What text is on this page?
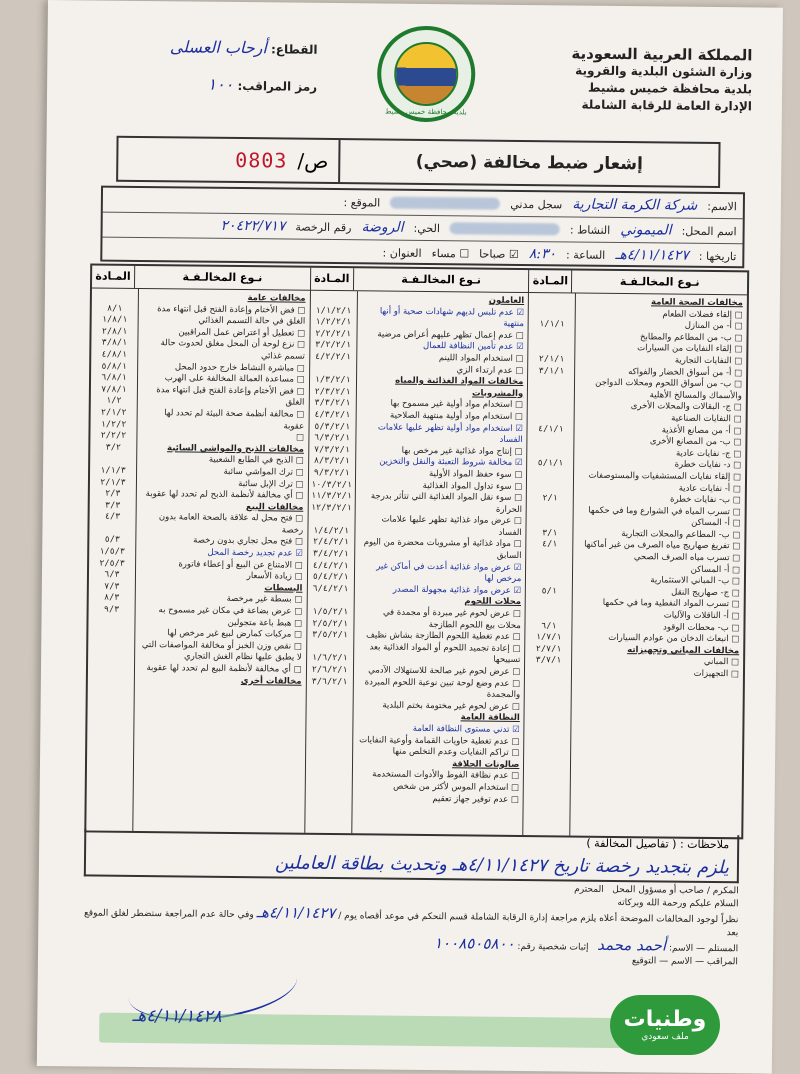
المملكة العربية السعودية
وزارة الشئون البلدية والقروية
بلدية محافظة خميس مشيط
الإدارة العامة للرقابة الشاملة
بلدية محافظة خميس مشيط
القطاع: أرحاب العسلى
رمز المراقب: ١٠٠
إشعار ضبط مخالفة (صحي)
ص/
0803
الاسم:
شركة الكرمة التجارية
سجل مدني
الموقع :
اسم المحل:
الميموني
النشاط :
الحي:
الروضة
رقم الرخصة
٢٠٤٢٢/٧١٧
تاريخها :
٤/١١/١٤٢٧هـ
الساعة :
٨:٣٠
☑ صباحا
☐ مساء
العنوان :
نـوع المخالـفـة
المـادة
مخالفات الصحة العامة
□ إلقاء فضلات الطعام
□ أ- من المنازل
□ ب- من المطاعم والمطابخ
□ إلقاء النفايات من السيارات
□ النفايات التجارية
□ أ- من أسواق الخضار والفواكه
□ ب- من أسواق اللحوم ومحلات الدواجن والأسماك والمسالخ الأهلية
□ ج- البقالات والمحلات الأخرى
□ النفايات الصناعية
□ أ- من مصانع الأغذية
□ ب- من المصانع الأخرى
□ ج- نفايات عادية
□ د- نفايات خطرة
□ إلقاء نفايات المستشفيات والمستوصفات
□ أ- نفايات عادية
□ ب- نفايات خطرة
□ تسرب المياه في الشوارع وما في حكمها
□ أ- المساكن
□ ب- المطاعم والمحلات التجارية
□ تفريغ صهاريج مياه الصرف من غير أماكنها
□ تسرب مياه الصرف الصحي
□ أ- المساكن
□ ب- المباني الاستثمارية
□ ج- صهاريج النقل
□ تسرب المواد النفطية وما في حكمها
□ أ- الناقلات والآليات
□ ب- محطات الوقود
□ انبعاث الدخان من عوادم السيارات
مخالفات المباني وتجهيزاته
□ المباني
□ التجهيزات

١/١/١

٢/١/١
٣/١/١

٤/١/١

٥/١/١

٢/١

٣/١
٤/١

٥/١

٦/١
١/٧/١
٢/٧/١
٣/٧/١
نـوع المخالـفـة
المـادة
العاملون
☑ عدم تلبس لديهم شهادات صحية أو أنها منتهية
□ عدم إعمال تظهر عليهم أعراض مرضية
☑ عدم تأمين النظافة للعمال
□ استخدام المواد اللينم
□ عدم ارتداء الزي
مخالفات المواد الغذائية والمياه والمشروبات
□ استخدام مواد أولية غير مسموح بها
□ استخدام مواد أولية منتهية الصلاحية
☑ استخدام مواد أولية تظهر عليها علامات الفساد
□ إنتاج مواد غذائية غير مرخص بها
☑ مخالفة شروط التعبئة والنقل والتخزين
□ سوء حفظ المواد الأولية
□ سوء تداول المواد الغذائية
□ سوء نقل المواد الغذائية التي تتأثر بدرجة الحرارة
□ عرض مواد غذائية تظهر عليها علامات الفساد
□ مواد غذائية أو مشروبات محضرة من اليوم السابق
☑ عرض مواد غذائية أعدت في أماكن غير مرخص لها
☑ عرض مواد غذائية مجهولة المصدر
محلات اللحوم
□ عرض لحوم غير مبردة أو مجمدة في محلات بيع اللحوم الطازجة
□ عدم تغطية اللحوم الطازجة بشاش نظيف
□ إعادة تجميد اللحوم أو المواد الغذائية بعد تسييحها
□ عرض لحوم غير صالحة للاستهلاك الآدمي
□ عدم وضع لوحة تبين نوعية اللحوم المبردة والمجمدة
□ عرض لحوم غير مختومة بختم البلدية
النظافة العامة
☑ تدني مستوى النظافة العامة
□ عدم تغطية حاويات القمامة وأوعية النفايات
□ تراكم النفايات وعدم التخلص منها
صالونات الحلاقة
□ عدم نظافة الفوط والأدوات المستخدمة
□ استخدام الموس لأكثر من شخص
□ عدم توفير جهاز تعقيم

١/١/٢/١
١/٢/٢/١
٢/٢/٢/١
٣/٢/٢/١
٤/٢/٢/١

١/٣/٢/١
٢/٣/٢/١
٣/٣/٢/١
٤/٣/٢/١
٥/٣/٢/١
٦/٣/٢/١
٧/٣/٢/١
٨/٣/٢/١
٩/٣/٢/١
١٠/٣/٢/١
١١/٣/٢/١
١٢/٣/٢/١

١/٤/٢/١
٢/٤/٢/١
٣/٤/٢/١
٤/٤/٢/١
٥/٤/٢/١
٦/٤/٢/١

١/٥/٢/١
٢/٥/٢/١
٣/٥/٢/١

١/٦/٢/١
٢/٦/٢/١
٣/٦/٢/١
نـوع المخالـفـة
المـادة
مخالفات عامة
□ فض الأختام وإعادة الفتح قبل انتهاء مدة الغلق في حالة التسمم الغذائي
□ تعطيل أو اعتراض عمل المراقبين
□ نزع لوحة أن المحل مغلق لحدوث حالة تسمم غذائي
□ مباشرة النشاط خارج حدود المحل
□ مساعدة العمالة المخالفة على الهرب
□ فض الأختام وإعادة الفتح قبل انتهاء مدة الغلق
□ مخالفة أنظمة صحة البيئة لم تحدد لها عقوبة
□
مخالفات الذبح والمواشي السائبة
□ الذبح في الطابع الشعبية
□ ترك المواشي سائبة
□ ترك الإبل سائبة
□ أي مخالفة لأنظمة الذبح لم تحدد لها عقوبة
مخالفات البيع
□ فتح محل له علاقة بالصحة العامة بدون رخصة
□ فتح محل تجاري بدون رخصة
☑ عدم تجديد رخصة المحل
□ الامتناع عن البيع أو إعطاء فاتورة
□ زيادة الأسعار
البسطات
□ بسطة غير مرخصة
□ عرض بضاعة في مكان غير مسموح به
□ هبط باعة متجولين
□ مركبات كمارض لبيع غير مرخص لها
□ نقص وزن الخبز أو مخالفة المواصفات التي لا يطبق عليها نظام الغش التجاري
□ أي مخالفة لأنظمة البيع لم تحدد لها عقوبة
مخالفات أخرى

٨/١
١/٨/١
٢/٨/١
٣/٨/١
٤/٨/١
٥/٨/١
٦/٨/١
٧/٨/١
١/٢
٢/١/٢
١/٢/٢
٢/٢/٢
٣/٢

١/١/٣
٢/١/٣
٢/٣
٣/٣
٤/٣

٥/٣
١/٥/٣
٢/٥/٣
٦/٣
٧/٣
٨/٣
٩/٣
ملاحظات : ( تفاصيل المخالفة )
يلزم بتجديد رخصة تاريخ ٤/١١/١٤٢٧هـ وتحديث بطاقة العاملين
المكرم / صاحب أو مسؤول المحل   المحترم
السلام عليكم ورحمة الله وبركاته
نظراً لوجود المخالفات الموضحة أعلاه يلزم مراجعة إدارة الرقابة الشاملة قسم التحكم في موعد أقصاه يوم / ٤/١١/١٤٢٧هـ وفي حالة عدم المراجعة ستضطر لغلق الموقع بعد
المستلم — الاسم: أحمد محمد   إثبات شخصية رقم: ١٠٠٨٥٠٥٨٠٠
المراقب — الاسم — التوقيع
٤/١١/١٤٢٨هـ	وطنيات
ملف سعودي
